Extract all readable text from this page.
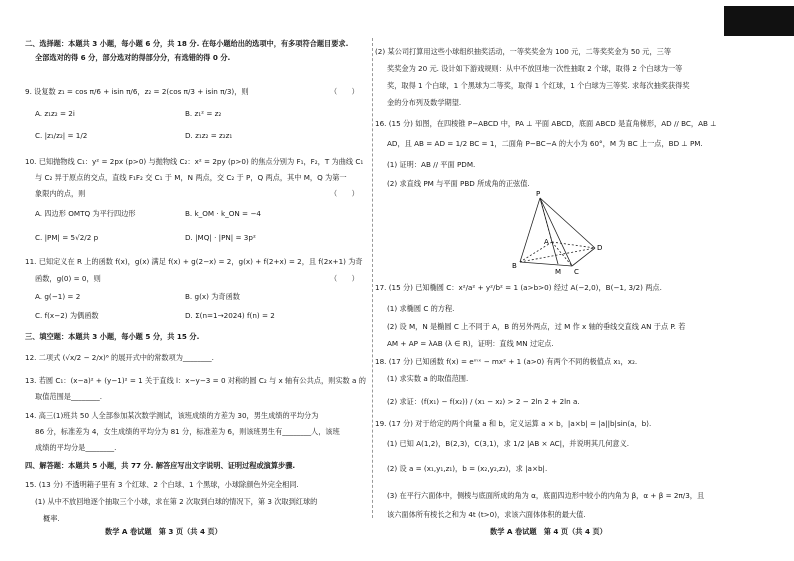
二、选择题：本题共 3 小题，每小题 6 分，共 18 分. 在每小题给出的选项中，有多项符合题目要求.
全部选对的得 6 分，部分选对的得部分分，有选错的得 0 分.
9. 设复数 z₁ = cos π/6 + isin π/6，z₂ = 2(cos π/3 + isin π/3)，则	（　　）
A. z₁z₂ = 2i	B. z₁² = z₂
C. |z₁/z₂| = 1/2	D. z₁z₂ = z₂z₁
10. 已知抛物线 C₁：y² = 2px (p>0) 与抛物线 C₂：x² = 2py (p>0) 的焦点分别为 F₁，F₂，T 为曲线 C₁
与 C₂ 异于原点的交点，直线 F₁F₂ 交 C₁ 于 M，N 两点，交 C₂ 于 P，Q 两点，其中 M，Q 为第一
象限内的点，则	（　　）
A. 四边形 OMTQ 为平行四边形	B. k_OM · k_ON = −4
C. |PM| = 5√2/2 p	D. |MQ| · |PN| = 3p²
11. 已知定义在 R 上的函数 f(x)，g(x) 满足 f(x) + g(2−x) = 2，g(x) + f(2+x) = 2，且 f(2x+1) 为奇
函数，g(0) = 0，则	（　　）
A. g(−1) = 2	B. g(x) 为奇函数
C. f(x−2) 为偶函数	D. Σ(n=1→2024) f(n) = 2
三、填空题：本题共 3 小题，每小题 5 分，共 15 分.
12. 二项式 (√x/2 − 2/x)⁶ 的展开式中的常数项为________.
13. 若圆 C₁：(x−a)² + (y−1)² = 1 关于直线 l：x−y−3 = 0 对称的圆 C₂ 与 x 轴有公共点，则实数 a 的
取值范围是________.
14. 高三(1)班共 50 人全部参加某次数学测试，该班成绩的方差为 30，男生成绩的平均分为
86 分，标准差为 4，女生成绩的平均分为 81 分，标准差为 6，则该班男生有________人，该班
成绩的平均分是________.
四、解答题：本题共 5 小题，共 77 分. 解答应写出文字说明、证明过程或演算步骤.
15. (13 分) 不透明箱子里有 3 个红球、2 个白球、1 个黑球，小球除颜色外完全相同.
(1) 从中不放回地逐个抽取三个小球，求在第 2 次取到白球的情况下，第 3 次取到红球的
概率.
数学 A 卷试题　第 3 页（共 4 页）
(2) 某公司打算用这些小球组织抽奖活动，一等奖奖金为 100 元，二等奖奖金为 50 元，三等
奖奖金为 20 元. 设计如下游戏规则：从中不放回地一次性抽取 2 个球，取得 2 个白球为一等
奖，取得 1 个白球，1 个黑球为二等奖，取得 1 个红球，1 个白球为三等奖. 求每次抽奖获得奖
金的分布列及数学期望.
16. (15 分) 如图，在四棱锥 P−ABCD 中，PA ⊥ 平面 ABCD，底面 ABCD 是直角梯形，AD // BC，AB ⊥
AD，且 AB = AD = 1/2 BC = 1，二面角 P−BC−A 的大小为 60°，M 为 BC 上一点，BD ⊥ PM.
(1) 证明：AB // 平面 PDM.
(2) 求直线 PM 与平面 PBD 所成角的正弦值.
P
A
B
C
D
M
17. (15 分) 已知椭圆 C：x²/a² + y²/b² = 1 (a>b>0) 经过 A(−2,0)，B(−1, 3/2) 两点.
(1) 求椭圆 C 的方程.
(2) 设 M，N 是椭圆 C 上不同于 A，B 的另外两点，过 M 作 x 轴的垂线交直线 AN 于点 P. 若
AM + AP = λAB (λ ∈ R)，证明：直线 MN 过定点.
18. (17 分) 已知函数 f(x) = eᵐˣ − mx² + 1 (a>0) 有两个不同的极值点 x₁，x₂.
(1) 求实数 a 的取值范围.
(2) 求证：(f(x₁) − f(x₂)) / (x₁ − x₂) > 2 − 2ln 2 + 2ln a.
19. (17 分) 对于给定的两个向量 a 和 b，定义运算 a × b，|a×b| = |a||b|sin⟨a，b⟩.
(1) 已知 A(1,2)，B(2,3)，C(3,1)，求 1/2 |AB × AC|，并说明其几何意义.
(2) 设 a = (x₁,y₁,z₁)，b = (x₂,y₂,z₂)，求 |a×b|.
(3) 在平行六面体中，侧棱与底面所成的角为 α，底面四边形中较小的内角为 β，α + β = 2π/3，且
该六面体所有棱长之和为 4t (t>0)，求该六面体体积的最大值.
数学 A 卷试题　第 4 页（共 4 页）
